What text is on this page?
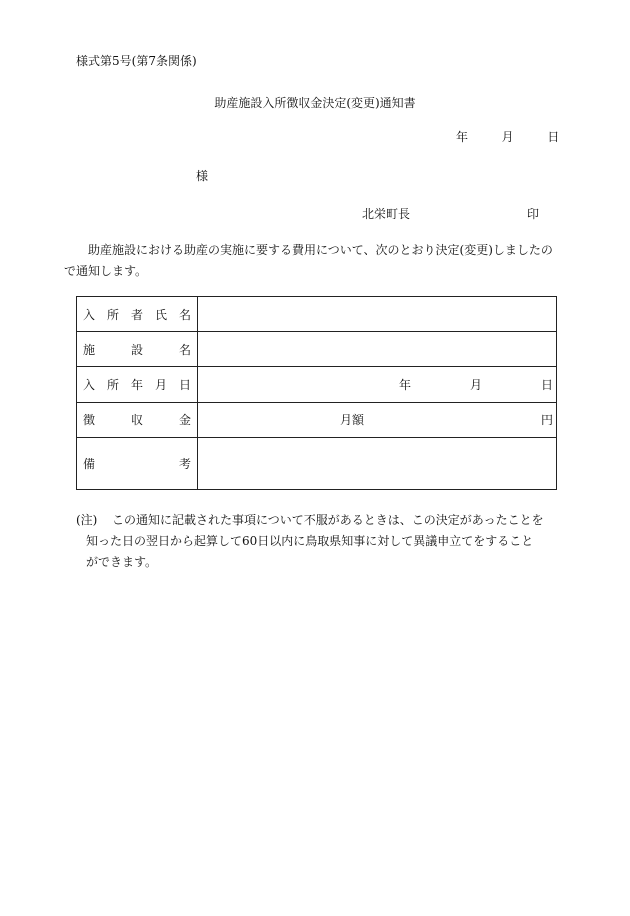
様式第5号(第7条関係)
助産施設入所徴収金決定(変更)通知書
年	月	日
様
北栄町長	印

助産施設における助産の実施に要する費用について、次のとおり決定(変更)しましたの
で通知します。

入 所 者 氏 名	

施 設 名	

入 所 年 月 日	年 月 日

徴 収 金	月額 円

備 考	

(注)	この通知に記載された事項について不服があるときは、この決定があったことを
知った日の翌日から起算して60日以内に鳥取県知事に対して異議申立てをすること
ができます。
